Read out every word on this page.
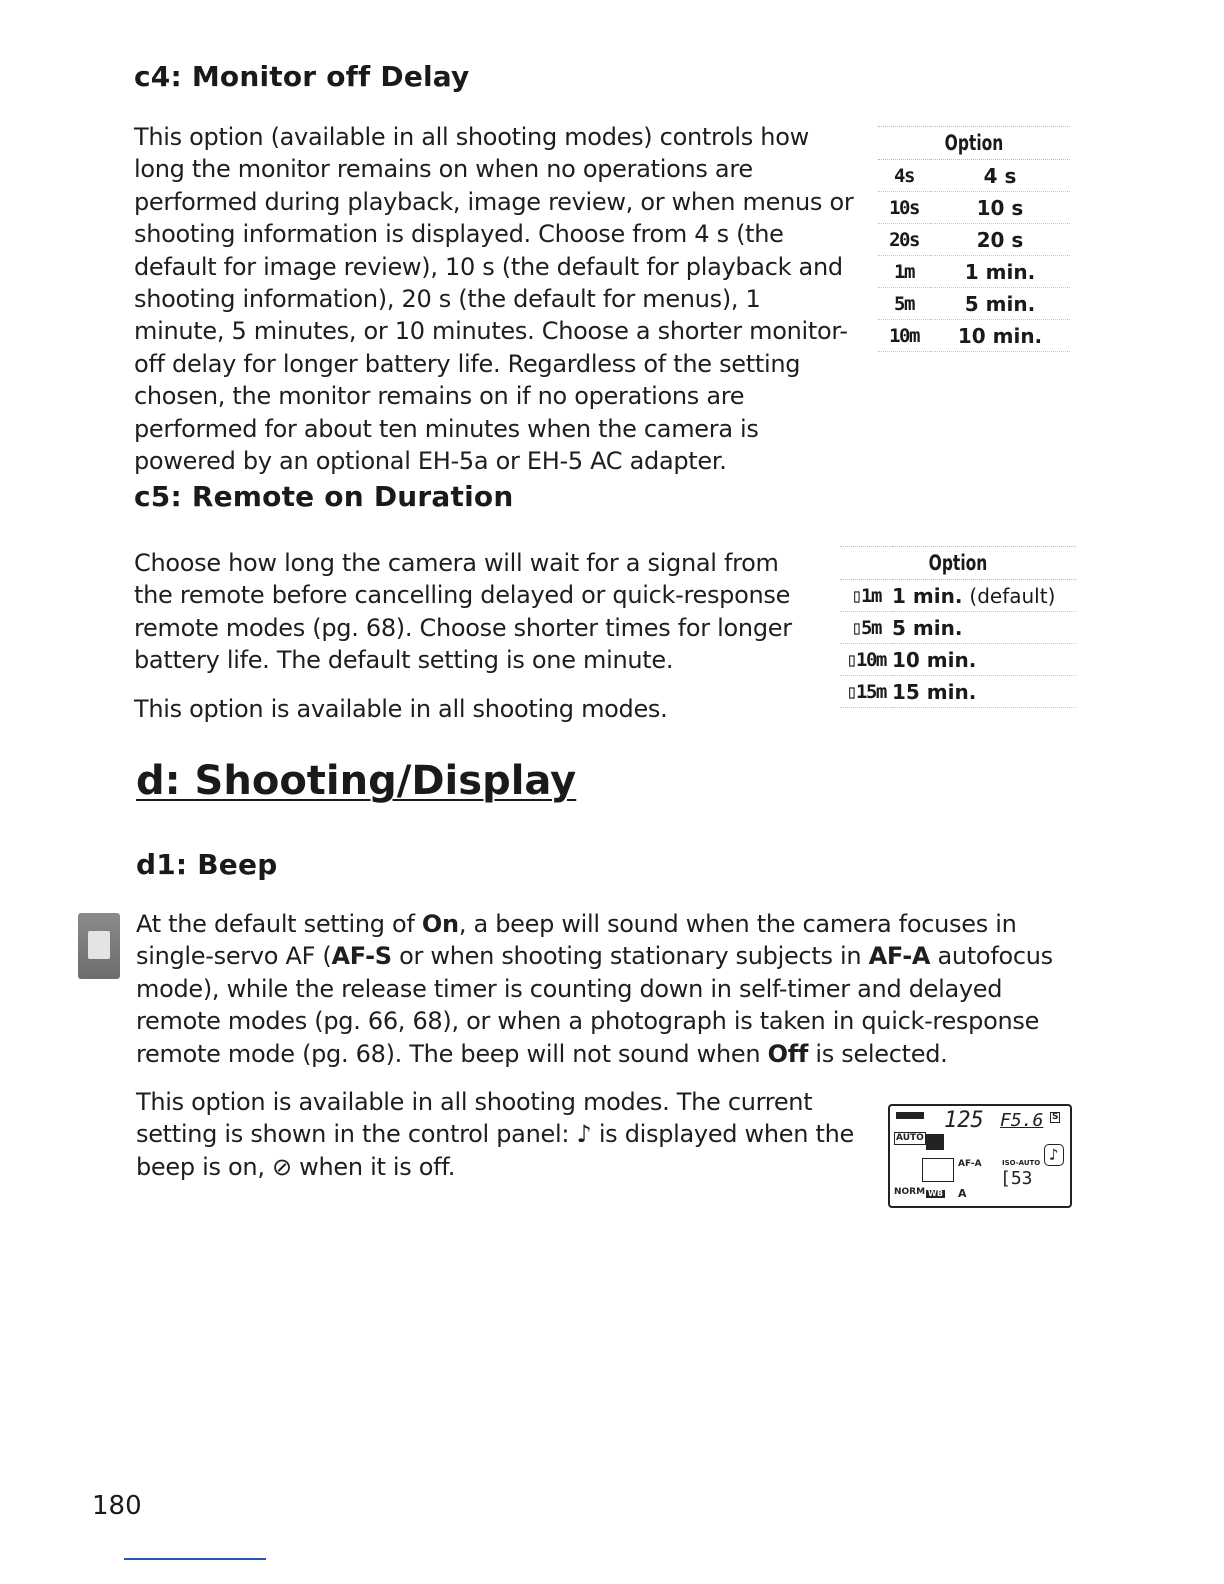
c4: Monitor off Delay

This option (available in all shooting modes) controls how long the monitor remains on when no operations are performed during playback, image review, or when menus or shooting information is displayed. Choose from 4 s (the default for image review), 10 s (the default for playback and shooting information), 20 s (the default for menus), 1 minute, 5 minutes, or 10 minutes. Choose a shorter monitor-off delay for longer battery life. Regardless of the setting chosen, the monitor remains on if no operations are performed for about ten minutes when the camera is powered by an optional EH-5a or EH-5 AC adapter.

Option	
4s	4 s
10s	10 s
20s	20 s
1m	1 min.
5m	5 min.
10m	10 min.
c5: Remote on Duration

Choose how long the camera will wait for a signal from the remote before cancelling delayed or quick-response remote modes (pg. 68). Choose shorter times for longer battery life. The default setting is one minute.

This option is available in all shooting modes.

Option	
▯1m	1 min. (default)
▯5m	5 min.
▯10m	10 min.
▯15m	15 min.
d: Shooting/Display
d1: Beep

At the default setting of On, a beep will sound when the camera focuses in single-servo AF (AF-S or when shooting stationary subjects in AF-A autofocus mode), while the release timer is counting down in self-timer and delayed remote modes (pg. 66, 68), or when a photograph is taken in quick-response remote mode (pg. 68). The beep will not sound when Off is selected.

This option is available in all shooting modes. The current setting is shown in the control panel: ♪ is displayed when the beep is on, ⊘ when it is off.

125 F5.6 S
AUTO
AF-A	ISO-AUTO
[53
♪
NORM WB A
180
